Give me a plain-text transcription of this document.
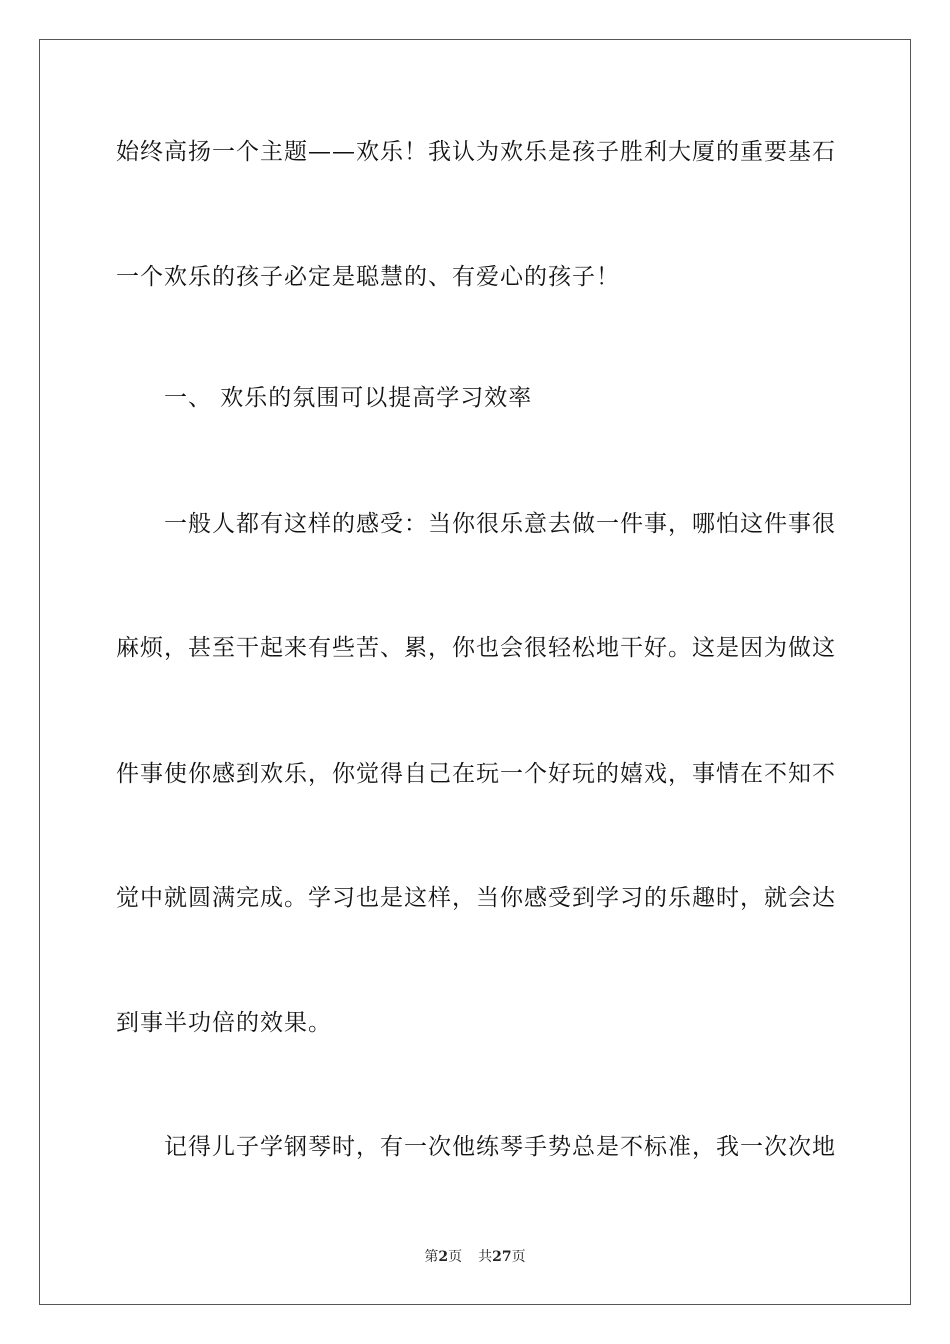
始终高扬一个主题——欢乐！我认为欢乐是孩子胜利大厦的重要基石
一个欢乐的孩子必定是聪慧的、有爱心的孩子！
一、 欢乐的氛围可以提高学习效率
一般人都有这样的感受：当你很乐意去做一件事，哪怕这件事很
麻烦，甚至干起来有些苦、累，你也会很轻松地干好。这是因为做这
件事使你感到欢乐，你觉得自己在玩一个好玩的嬉戏，事情在不知不
觉中就圆满完成。学习也是这样，当你感受到学习的乐趣时，就会达
到事半功倍的效果。
记得儿子学钢琴时，有一次他练琴手势总是不标准，我一次次地
第2页 共27页
